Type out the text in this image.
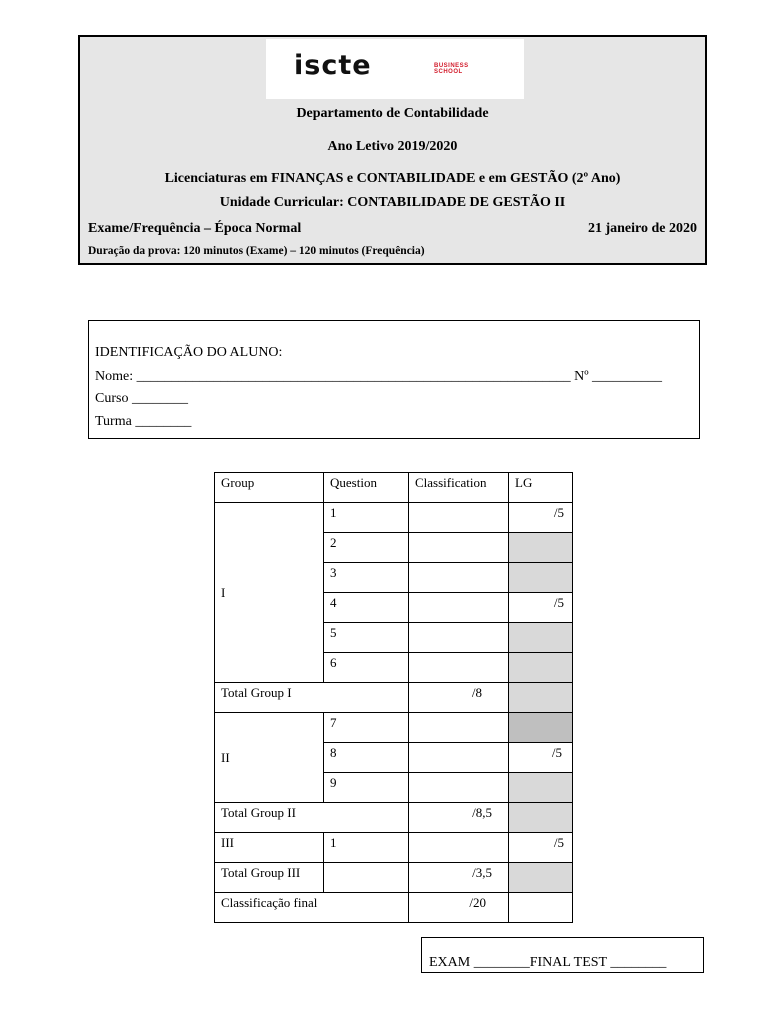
iscte	BUSINESS
SCHOOL
Departamento de Contabilidade
Ano Letivo 2019/2020
Licenciaturas em FINANÇAS e CONTABILIDADE e em GESTÃO (2º Ano)
Unidade Curricular: CONTABILIDADE DE GESTÃO II
Exame/Frequência – Época Normal	21 janeiro de 2020
Duração da prova: 120 minutos (Exame) – 120 minutos (Frequência)
IDENTIFICAÇÃO DO ALUNO:
Nome: ______________________________________________________________ Nº __________
Curso ________
Turma ________
Group	Question	Classification	LG
I	1		/5
	2		
	3		
	4		/5
	5		
	6		
Total Group I		/8	
II	7		
	8		/5
	9		
Total Group II		/8,5	
III	1		/5
Total Group III		/3,5	
Classificação final		/20	
EXAM ________FINAL TEST ________
